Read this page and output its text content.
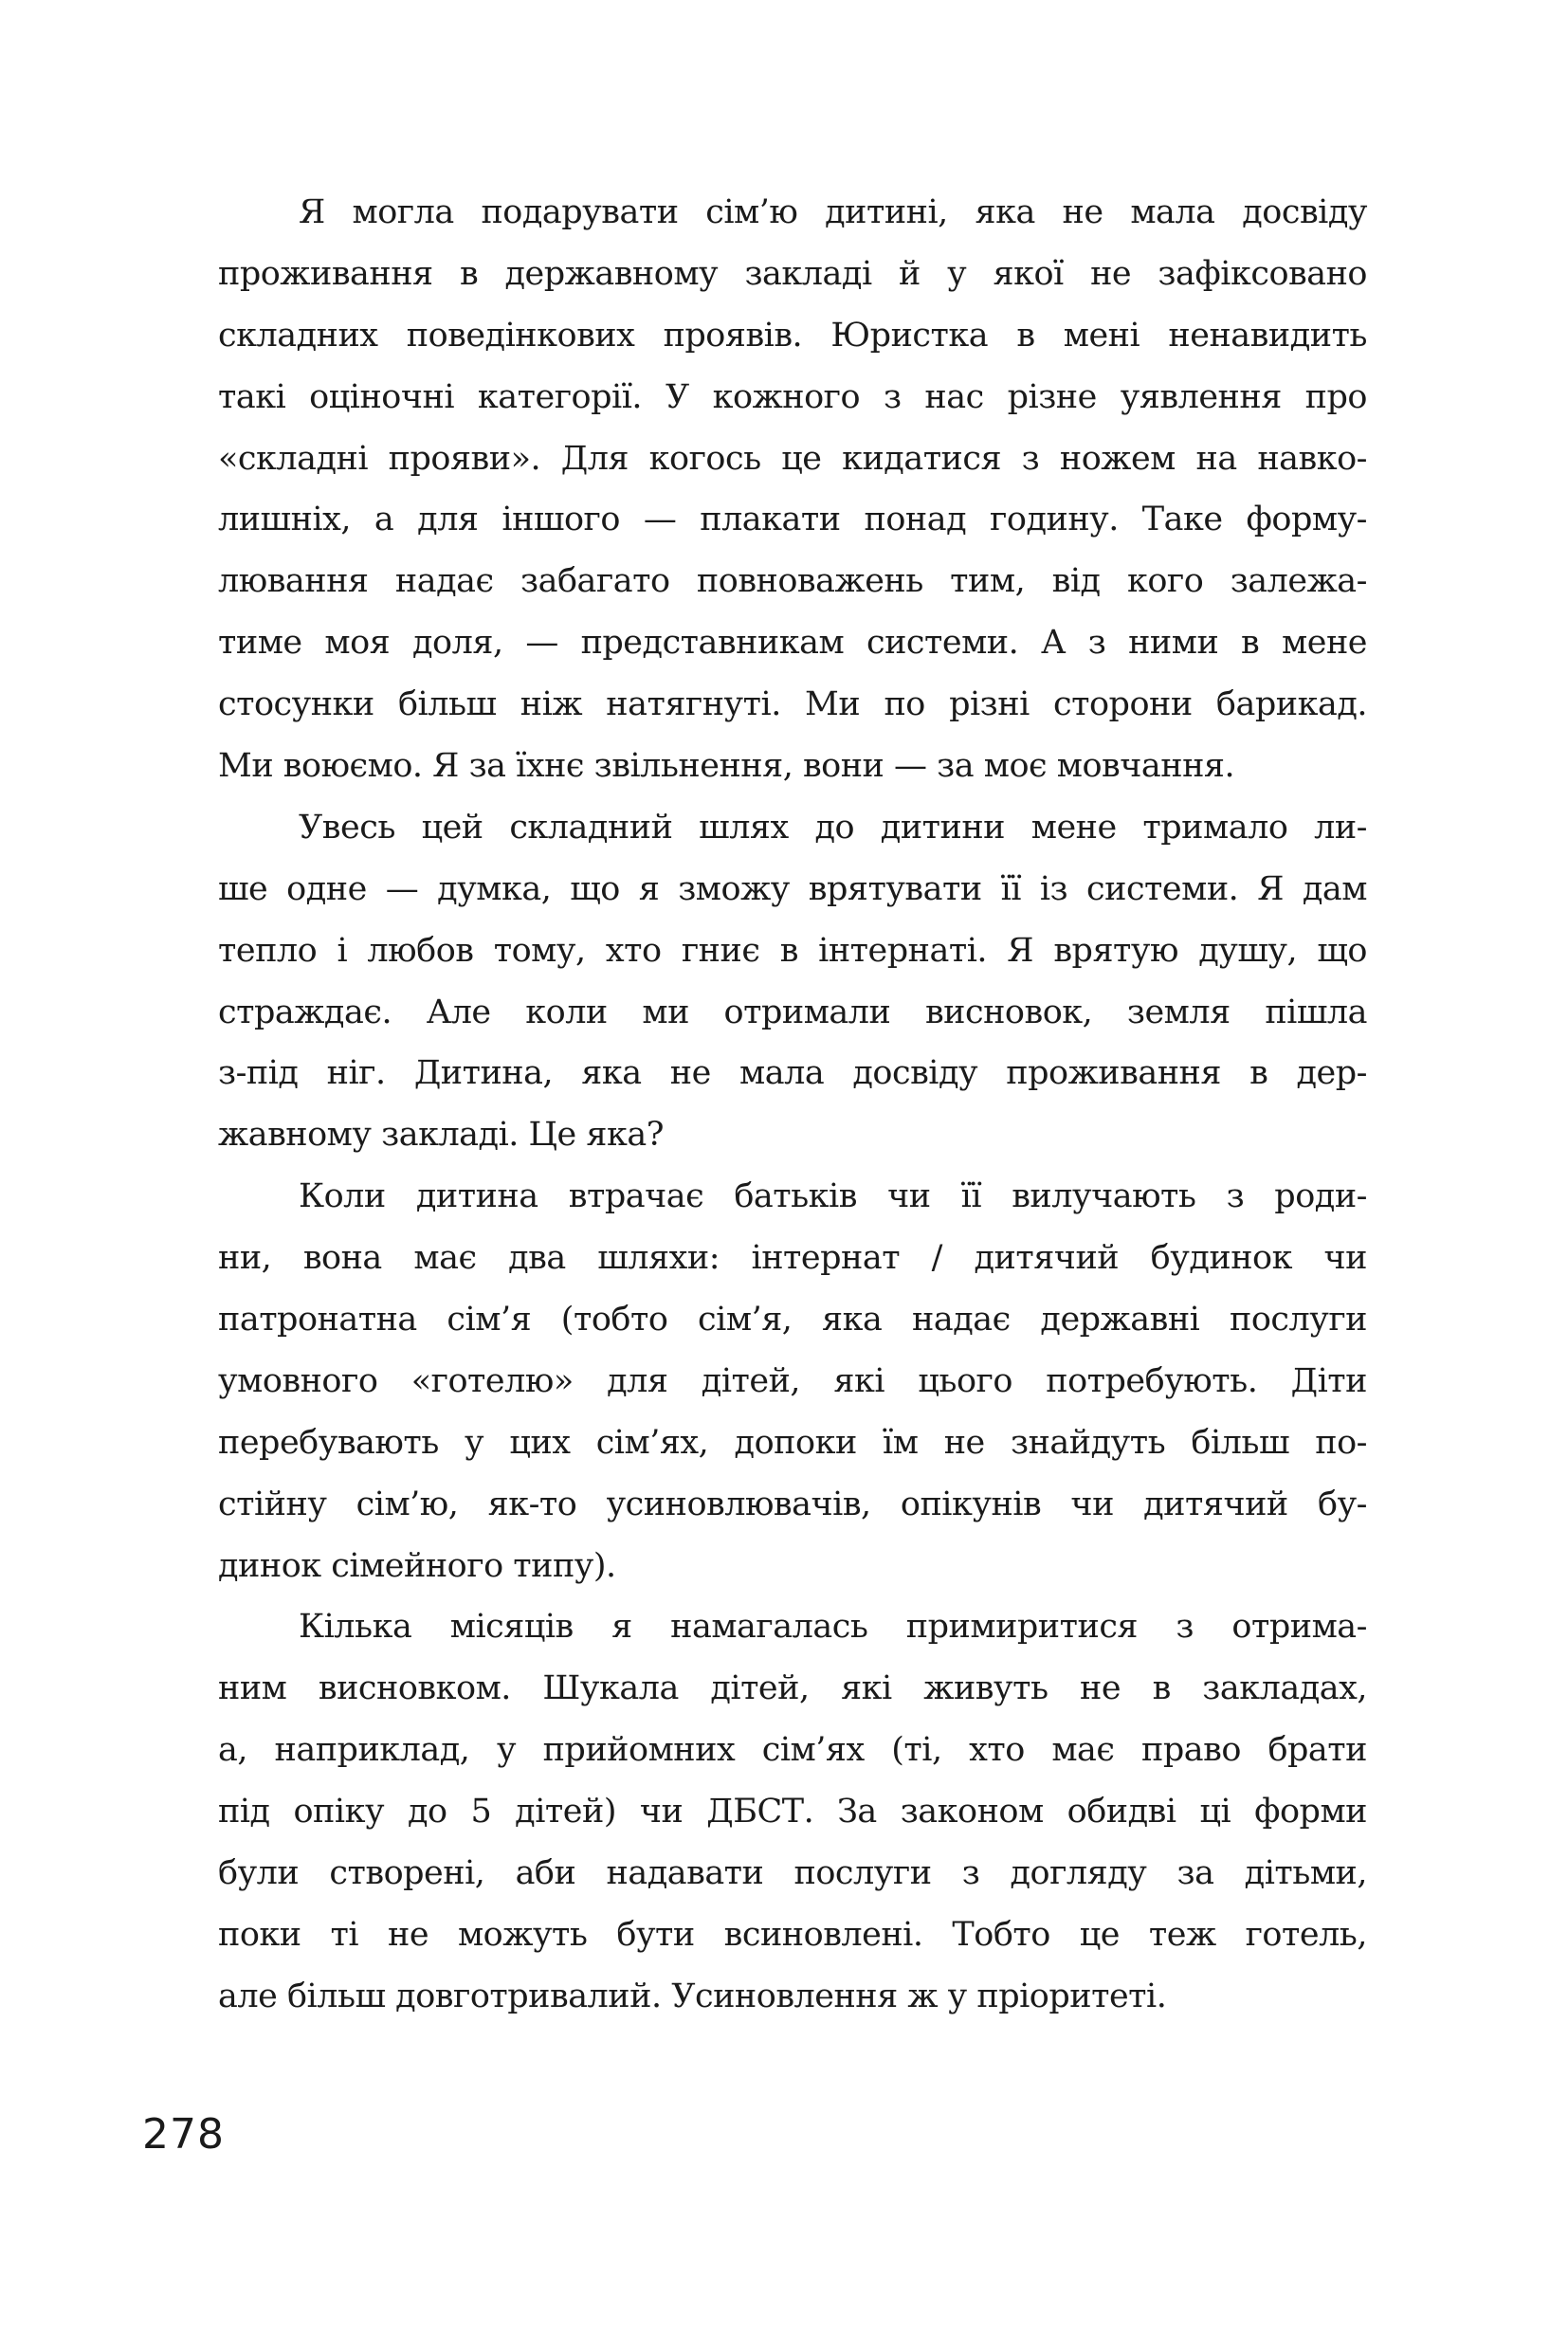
Я могла подарувати сім’ю дитині, яка не мала досвіду
проживання в державному закладі й у якої не зафіксовано
складних поведінкових проявів. Юристка в мені ненавидить
такі оціночні категорії. У кожного з нас різне уявлення про
«складні прояви». Для когось це кидатися з ножем на навко-
лишніх, а для іншого — плакати понад годину. Таке форму-
лювання надає забагато повноважень тим, від кого залежа-
тиме моя доля, — представникам системи. А з ними в мене
стосунки більш ніж натягнуті. Ми по різні сторони барикад.
Ми воюємо. Я за їхнє звільнення, вони — за моє мовчання.
Увесь цей складний шлях до дитини мене тримало ли-
ше одне — думка, що я зможу врятувати її із системи. Я дам
тепло і любов тому, хто гниє в інтернаті. Я врятую душу, що
страждає. Але коли ми отримали висновок, земля пішла
з-під ніг. Дитина, яка не мала досвіду проживання в дер-
жавному закладі. Це яка?
Коли дитина втрачає батьків чи її вилучають з роди-
ни, вона має два шляхи: інтернат / дитячий будинок чи
патронатна сім’я (тобто сім’я, яка надає державні послуги
умовного «готелю» для дітей, які цього потребують. Діти
перебувають у цих сім’ях, допоки їм не знайдуть більш по-
стійну сім’ю, як-то усиновлювачів, опікунів чи дитячий бу-
динок сімейного типу).
Кілька місяців я намагалась примиритися з отрима-
ним висновком. Шукала дітей, які живуть не в закладах,
а, наприклад, у прийомних сім’ях (ті, хто має право брати
під опіку до 5 дітей) чи ДБСТ. За законом обидві ці форми
були створені, аби надавати послуги з догляду за дітьми,
поки ті не можуть бути всиновлені. Тобто це теж готель,
але більш довготривалий. Усиновлення ж у пріоритеті.
278
